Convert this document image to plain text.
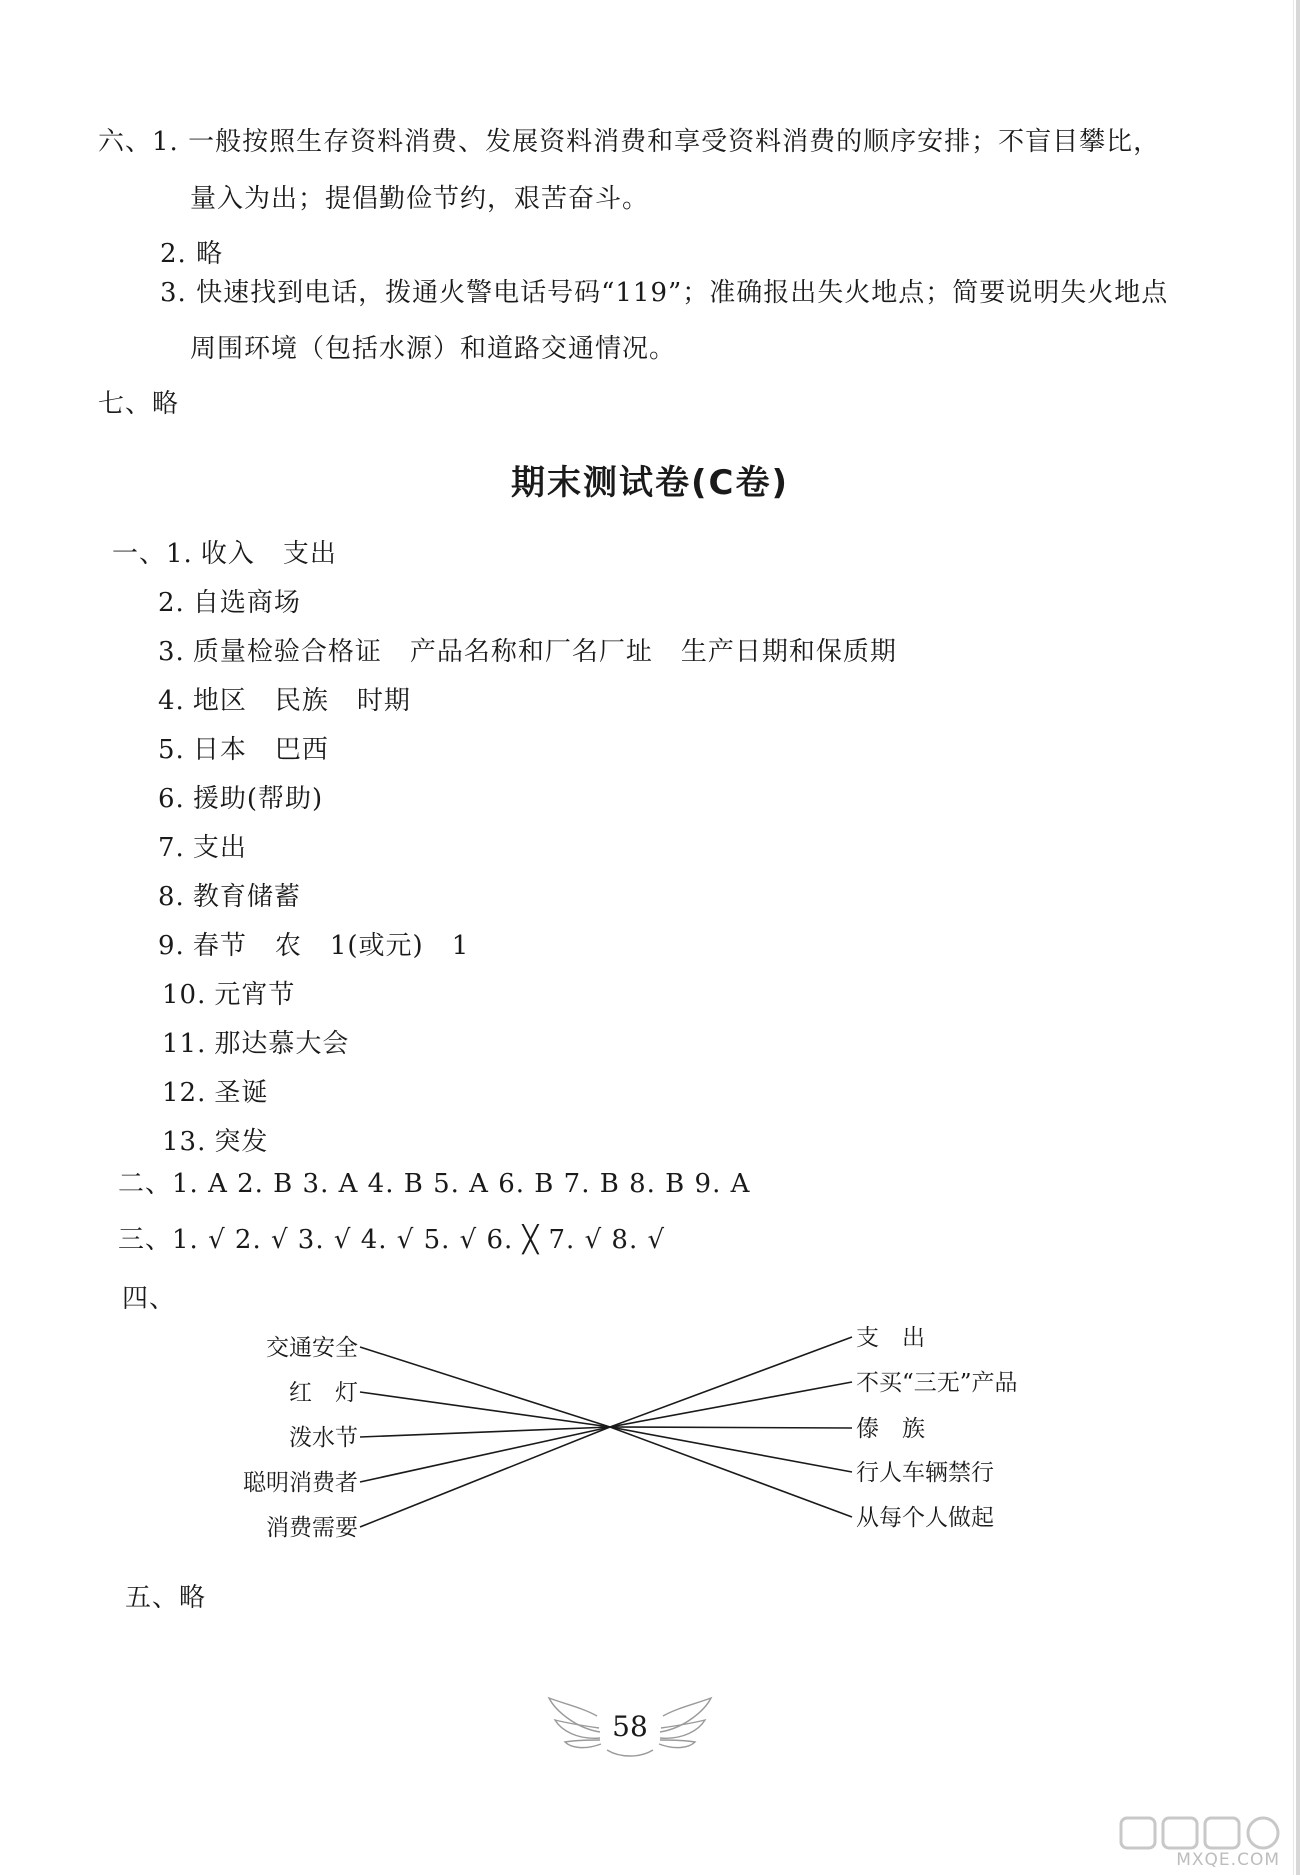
六、1. 一般按照生存资料消费、发展资料消费和享受资料消费的顺序安排；不盲目攀比，
量入为出；提倡勤俭节约，艰苦奋斗。
2. 略
3. 快速找到电话，拨通火警电话号码“119”；准确报出失火地点；简要说明失火地点
周围环境（包括水源）和道路交通情况。
七、略
期末测试卷(C卷)
一、1. 收入 支出
2. 自选商场
3. 质量检验合格证 产品名称和厂名厂址 生产日期和保质期
4. 地区 民族 时期
5. 日本 巴西
6. 援助(帮助)
7. 支出
8. 教育储蓄
9. 春节 农 1(或元) 1
10. 元宵节
11. 那达慕大会
12. 圣诞
13. 突发
二、1. A 2. B 3. A 4. B 5. A 6. B 7. B 8. B 9. A
三、1. √ 2. √ 3. √ 4. √ 5. √ 6. ╳ 7. √ 8. √
四、
交通安全
红　灯
泼水节
聪明消费者
消费需要
支　出
不买“三无”产品
傣　族
行人车辆禁行
从每个人做起
五、略
58
MXQE.COM
